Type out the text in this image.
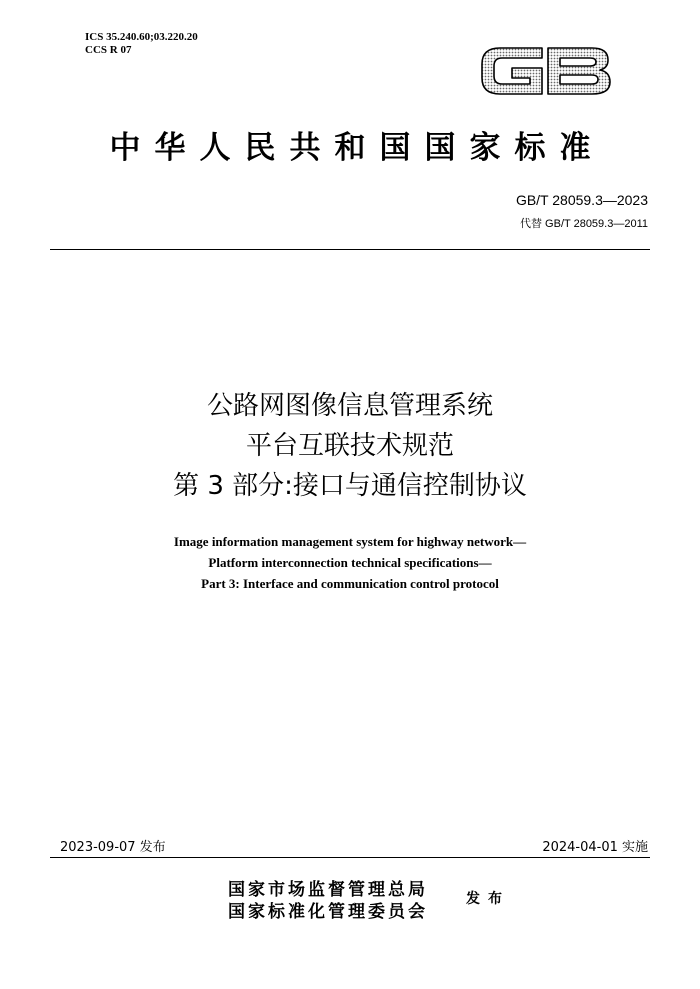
ICS 35.240.60;03.220.20
CCS R 07
中华人民共和国国家标准
GB/T 28059.3—2023
代替 GB/T 28059.3—2011
公路网图像信息管理系统
平台互联技术规范
第 3 部分:接口与通信控制协议
Image information management system for highway network—
Platform interconnection technical specifications—
Part 3: Interface and communication control protocol
2023-09-07 发布	2024-04-01 实施
国家市场监督管理总局
国家标准化管理委员会
发布
